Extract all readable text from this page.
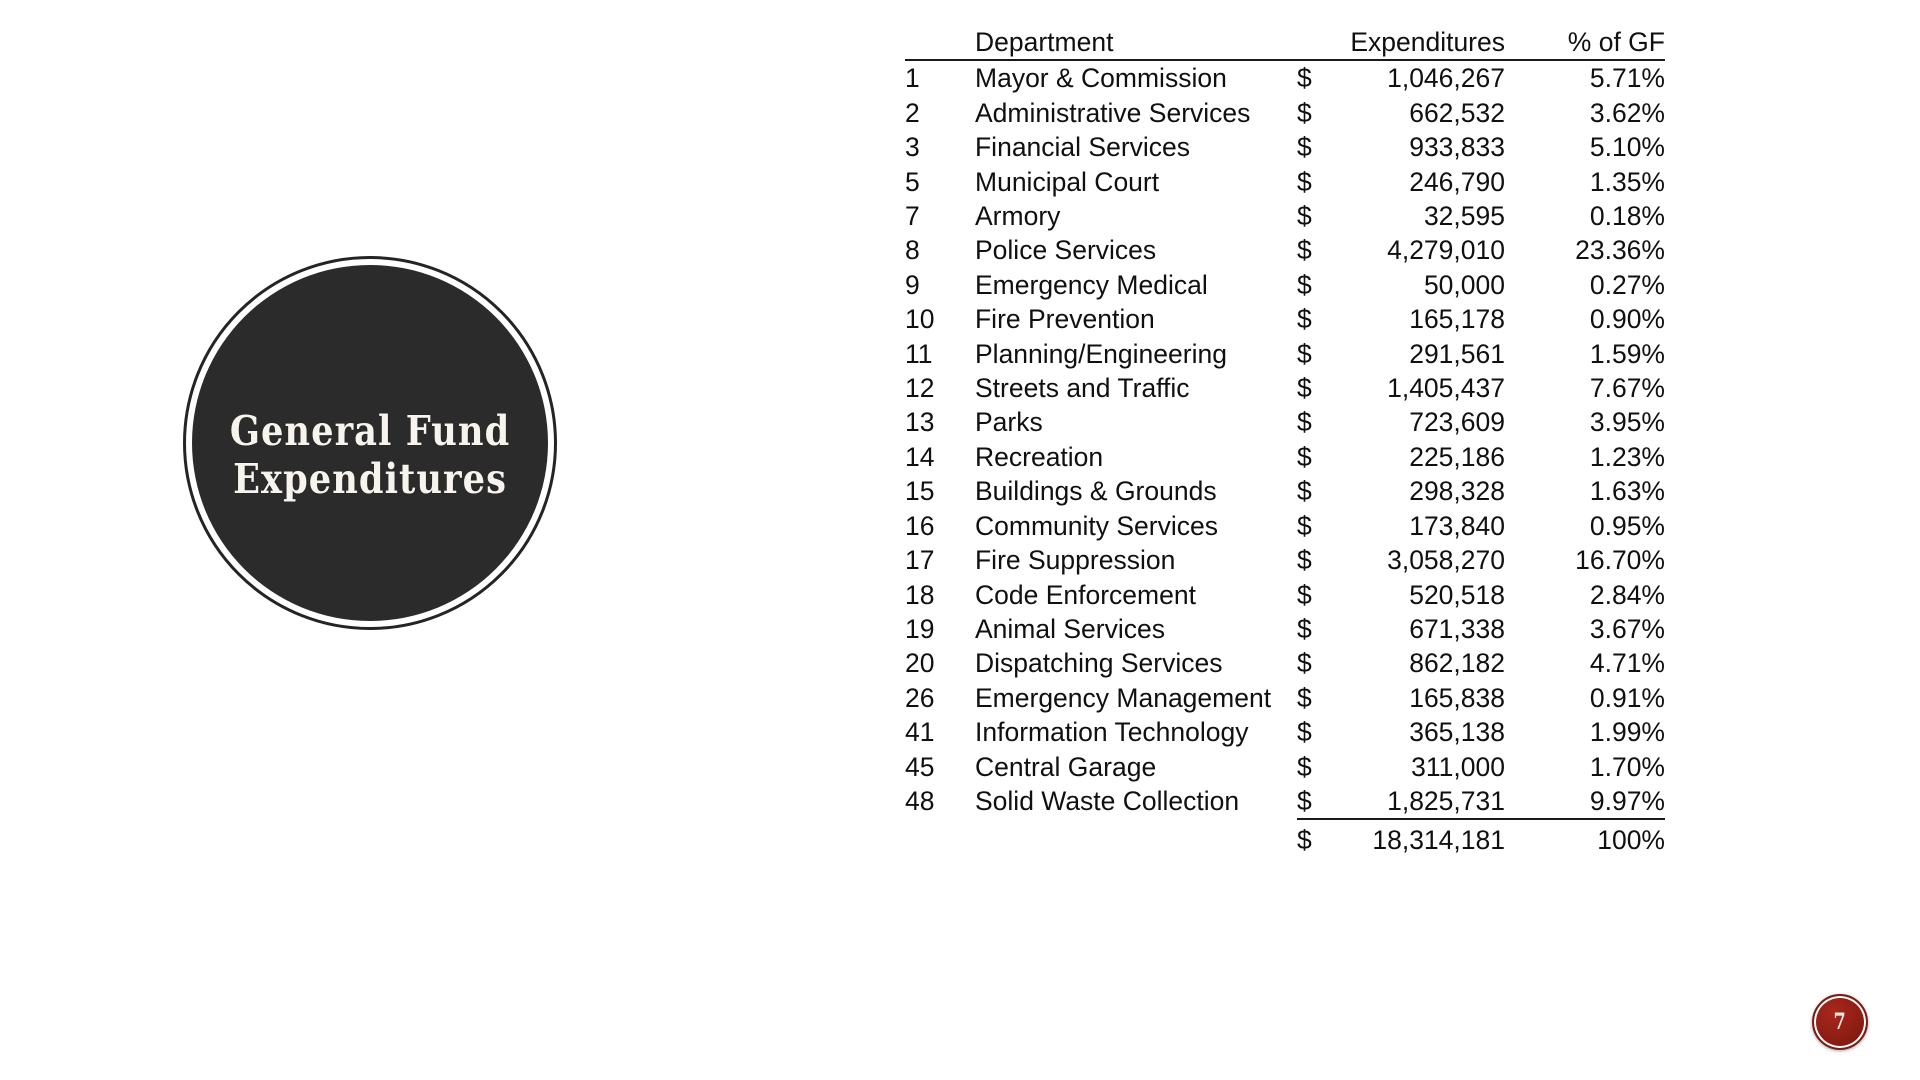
General Fund
Expenditures
	Department		Expenditures	% of GF
1	Mayor & Commission	$	1,046,267	5.71%
2	Administrative Services	$	662,532	3.62%
3	Financial Services	$	933,833	5.10%
5	Municipal Court	$	246,790	1.35%
7	Armory	$	32,595	0.18%
8	Police Services	$	4,279,010	23.36%
9	Emergency Medical	$	50,000	0.27%
10	Fire Prevention	$	165,178	0.90%
11	Planning/Engineering	$	291,561	1.59%
12	Streets and Traffic	$	1,405,437	7.67%
13	Parks	$	723,609	3.95%
14	Recreation	$	225,186	1.23%
15	Buildings & Grounds	$	298,328	1.63%
16	Community Services	$	173,840	0.95%
17	Fire Suppression	$	3,058,270	16.70%
18	Code Enforcement	$	520,518	2.84%
19	Animal Services	$	671,338	3.67%
20	Dispatching Services	$	862,182	4.71%
26	Emergency Management	$	165,838	0.91%
41	Information Technology	$	365,138	1.99%
45	Central Garage	$	311,000	1.70%
48	Solid Waste Collection	$	1,825,731	9.97%
		$	18,314,181	100%
7
